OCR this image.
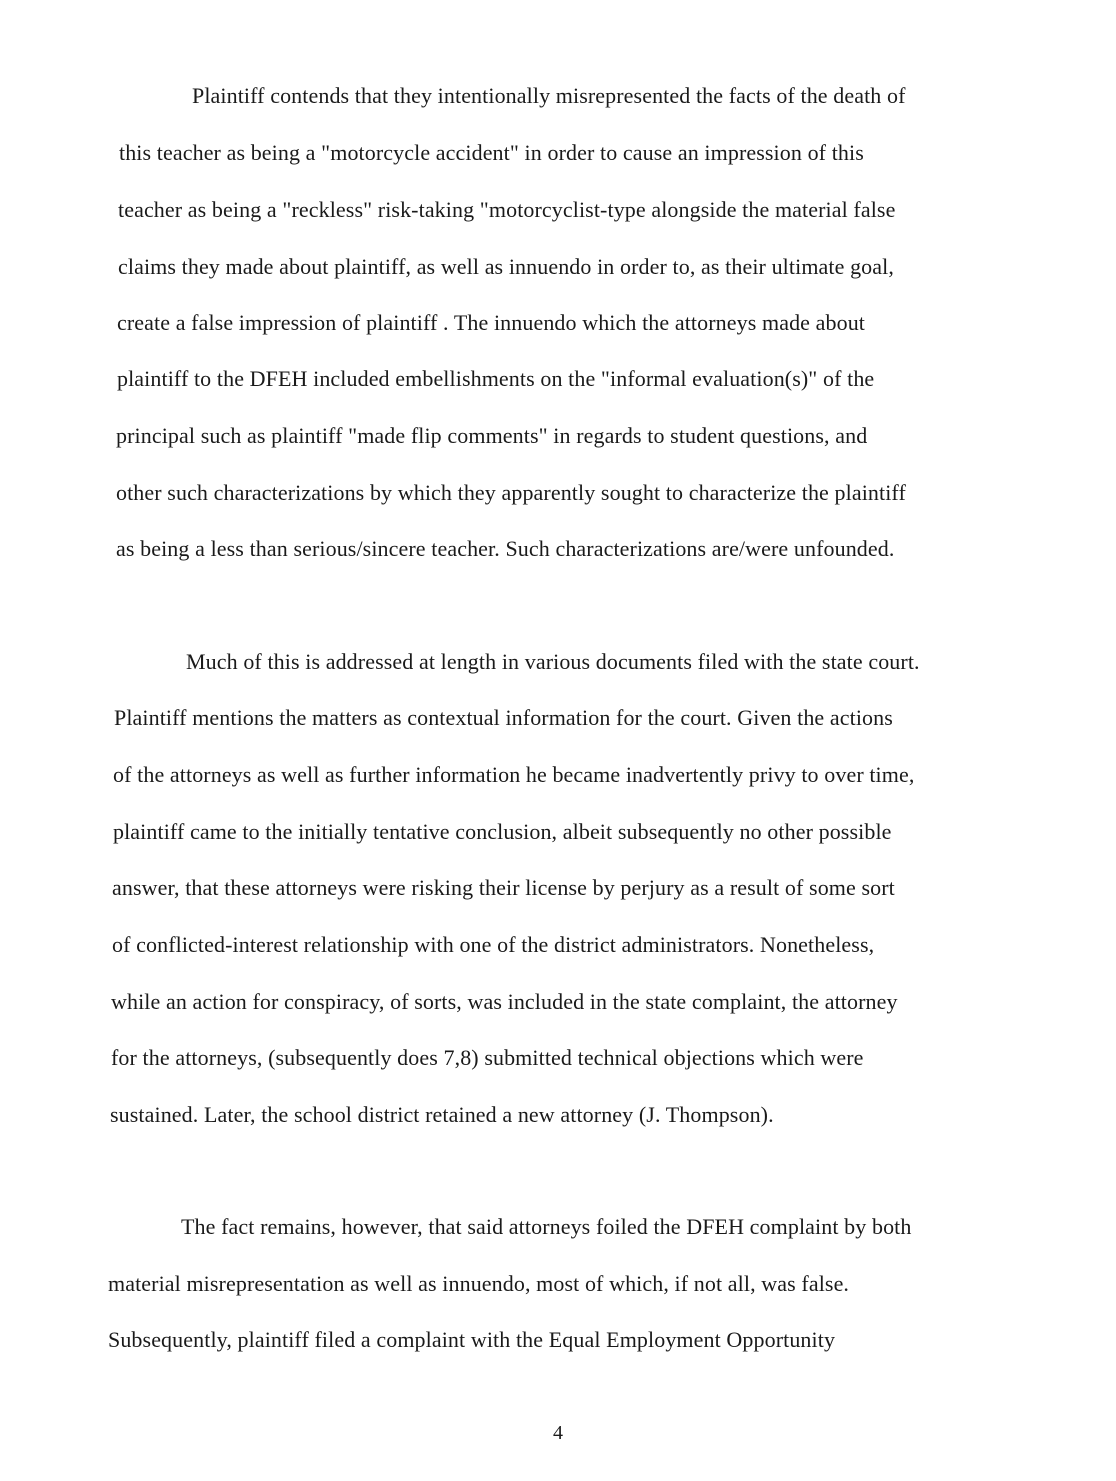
Plaintiff contends that they intentionally misrepresented the facts of the death of
this teacher as being a "motorcycle accident" in order to cause an impression of this
teacher as being a "reckless" risk-taking "motorcyclist-type alongside the material false
claims they made about plaintiff, as well as innuendo in order to, as their ultimate goal,
create a false impression of plaintiff . The innuendo which the attorneys made about
plaintiff to the DFEH included embellishments on the "informal evaluation(s)" of the
principal such as plaintiff "made flip comments" in regards to student questions, and
other such characterizations by which they apparently sought to characterize the plaintiff
as being a less than serious/sincere teacher. Such characterizations are/were unfounded.
Much of this is addressed at length in various documents filed with the state court.
Plaintiff mentions the matters as contextual information for the court. Given the actions
of the attorneys as well as further information he became inadvertently privy to over time,
plaintiff came to the initially tentative conclusion, albeit subsequently no other possible
answer, that these attorneys were risking their license by perjury as a result of some sort
of conflicted-interest relationship with one of the district administrators. Nonetheless,
while an action for conspiracy, of sorts, was included in the state complaint, the attorney
for the attorneys, (subsequently does 7,8) submitted technical objections which were
sustained. Later, the school district retained a new attorney (J. Thompson).
The fact remains, however, that said attorneys foiled the DFEH complaint by both
material misrepresentation as well as innuendo, most of which, if not all, was false.
Subsequently, plaintiff filed a complaint with the Equal Employment Opportunity
4
